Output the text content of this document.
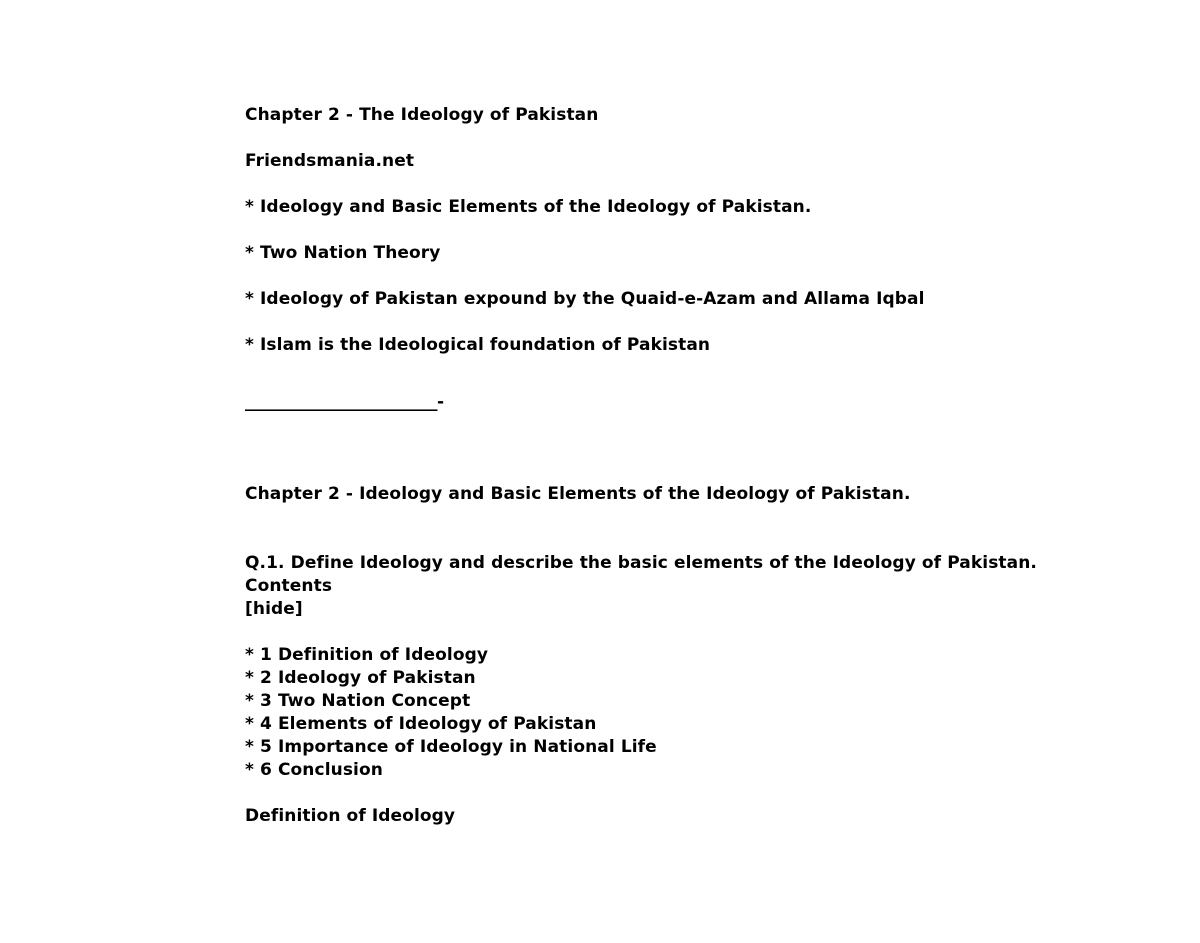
Chapter 2 - The Ideology of Pakistan
Friendsmania.net
* Ideology and Basic Elements of the Ideology of Pakistan.
* Two Nation Theory
* Ideology of Pakistan expound by the Quaid-e-Azam and Allama Iqbal
* Islam is the Ideological foundation of Pakistan
________________________-
Chapter 2 - Ideology and Basic Elements of the Ideology of Pakistan.
Q.1. Define Ideology and describe the basic elements of the Ideology of Pakistan.
Contents
[hide]
* 1 Definition of Ideology
* 2 Ideology of Pakistan
* 3 Two Nation Concept
* 4 Elements of Ideology of Pakistan
* 5 Importance of Ideology in National Life
* 6 Conclusion
Definition of Ideology
